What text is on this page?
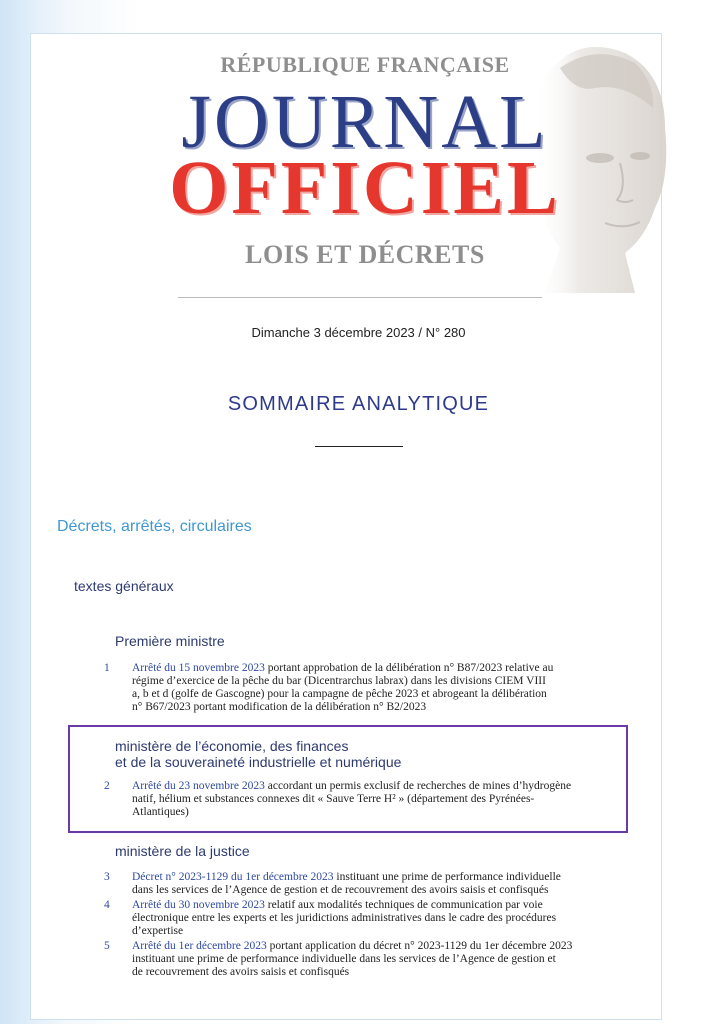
RÉPUBLIQUE FRANÇAISE
JOURNAL
OFFICIEL
LOIS ET DÉCRETS
Dimanche 3 décembre 2023 / N° 280
SOMMAIRE ANALYTIQUE
Décrets, arrêtés, circulaires
textes généraux
Première ministre
1	Arrêté du 15 novembre 2023 portant approbation de la délibération n° B87/2023 relative au
régime d’exercice de la pêche du bar (Dicentrarchus labrax) dans les divisions CIEM VIII
a, b et d (golfe de Gascogne) pour la campagne de pêche 2023 et abrogeant la délibération
n° B67/2023 portant modification de la délibération n° B2/2023
ministère de l’économie, des finances
et de la souveraineté industrielle et numérique
2	Arrêté du 23 novembre 2023 accordant un permis exclusif de recherches de mines d’hydrogène
natif, hélium et substances connexes dit « Sauve Terre H² » (département des Pyrénées-
Atlantiques)
ministère de la justice
3	Décret n° 2023-1129 du 1er décembre 2023 instituant une prime de performance individuelle
dans les services de l’Agence de gestion et de recouvrement des avoirs saisis et confisqués
4	Arrêté du 30 novembre 2023 relatif aux modalités techniques de communication par voie
électronique entre les experts et les juridictions administratives dans le cadre des procédures
d’expertise
5	Arrêté du 1er décembre 2023 portant application du décret n° 2023-1129 du 1er décembre 2023
instituant une prime de performance individuelle dans les services de l’Agence de gestion et
de recouvrement des avoirs saisis et confisqués
